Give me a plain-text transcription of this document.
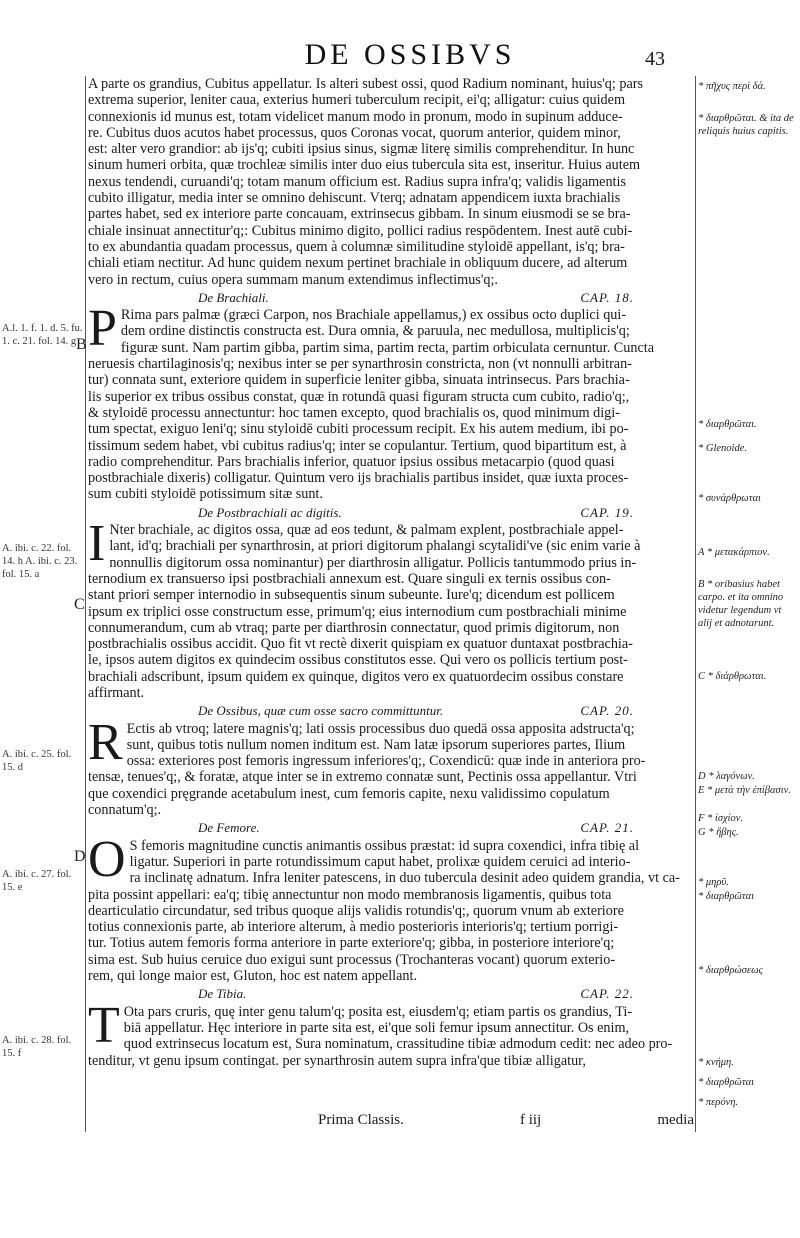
DE OSSIBVS	43

A parte os grandius, Cubitus appellatur. Is alteri subest ossi, quod Radium nominant, huius'q; pars

extrema superior, leniter caua, exterius humeri tuberculum recipit, ei'q; alligatur: cuius quidem

connexionis id munus est, totam videlicet manum modo in pronum, modo in supinum adduce-

re. Cubitus duos acutos habet processus, quos Coronas vocat, quorum anterior, quidem minor,

est: alter vero grandior: ab ijs'q; cubiti ipsius sinus, sigmæ literę similis comprehenditur. In hunc

sinum humeri orbita, quæ trochleæ similis inter duo eius tubercula sita est, inseritur. Huius autem

nexus tendendi, curuandi'q; totam manum officium est. Radius supra infra'q; validis ligamentis

cubito illigatur, media inter se omnino dehiscunt. Vterq; adnatam appendicem iuxta brachialis

partes habet, sed ex interiore parte concauam, extrinsecus gibbam. In sinum eiusmodi se se bra-

chiale insinuat annectitur'q;: Cubitus minimo digito, pollici radius respōdentem. Inest autē cubi-

to ex abundantia quadam processus, quem à columnæ similitudine styloidē appellant, is'q; bra-

chiali etiam nectitur. Ad hunc quidem nexum pertinet brachiale in obliquum ducere, ad alterum

vero in rectum, cuius opera summam manum extendimus inflectimus'q;.

De Brachiali.	CAP. 18.
P Rima pars palmæ (græci Carpon, nos Brachiale appellamus,) ex ossibus octo duplici qui-

dem ordine distinctis constructa est. Dura omnia, & paruula, nec medullosa, multiplicis'q;

figuræ sunt. Nam partim gibba, partim sima, partim recta, partim orbiculata cernuntur. Cuncta

neruesis chartilaginosis'q; nexibus inter se per synarthrosin constricta, non (vt nonnulli arbitran-

tur) connata sunt, exteriore quidem in superficie leniter gibba, sinuata intrinsecus. Pars brachia-

lis superior ex tribus ossibus constat, quæ in rotundā quasi figuram structa cum cubito, radio'q;,

& styloidē processu annectuntur: hoc tamen excepto, quod brachialis os, quod minimum digi-

tum spectat, exiguo leni'q; sinu styloidē cubiti processum recipit. Ex his autem medium, ibi po-

tissimum sedem habet, vbi cubitus radius'q; inter se copulantur. Tertium, quod bipartitum est, à

radio comprehenditur. Pars brachialis inferior, quatuor ipsius ossibus metacarpio (quod quasi

postbrachiale dixeris) colligatur. Quintum vero ijs brachialis partibus insidet, quæ iuxta proces-

sum cubiti styloidē potissimum sitæ sunt.

De Postbrachiali ac digitis.	CAP. 19.
I Nter brachiale, ac digitos ossa, quæ ad eos tedunt, & palmam explent, postbrachiale appel-

lant, id'q; brachiali per synarthrosin, at priori digitorum phalangi scytalidi've (sic enim varie à

nonnullis digitorum ossa nominantur) per diarthrosin alligatur. Pollicis tantummodo prius in-

ternodium ex transuerso ipsi postbrachiali annexum est. Quare singuli ex ternis ossibus con-

stant priori semper internodio in subsequentis sinum subeunte. Iure'q; dicendum est pollicem

ipsum ex triplici osse constructum esse, primum'q; eius internodium cum postbrachiali minime

connumerandum, cum ab vtraq; parte per diarthrosin connectatur, quod primis digitorum, non

postbrachialis ossibus accidit. Quo fit vt rectè dixerit quispiam ex quatuor duntaxat postbrachia-

le, ipsos autem digitos ex quindecim ossibus constitutos esse. Qui vero os pollicis tertium post-

brachiali adscribunt, ipsum quidem ex quinque, digitos vero ex quatuordecim ossibus constare

affirmant.

De Ossibus, quæ cum osse sacro committuntur.	CAP. 20.
R Ectis ab vtroq; latere magnis'q; lati ossis processibus duo quedā ossa apposita adstructa'q;

sunt, quibus totis nullum nomen inditum est. Nam latæ ipsorum superiores partes, Ilium

ossa: exteriores post femoris ingressum inferiores'q;, Coxendicū: quæ inde in anteriora pro-

tensæ, tenues'q;, & foratæ, atque inter se in extremo connatæ sunt, Pectinis ossa appellantur. Vtri

que coxendici pręgrande acetabulum inest, cum femoris capite, nexu validissimo copulatum

connatum'q;.

De Femore.	CAP. 21.
O S femoris magnitudine cunctis animantis ossibus præstat: id supra coxendici, infra tibię al

ligatur. Superiori in parte rotundissimum caput habet, prolixæ quidem ceruici ad interio-

ra inclinatę adnatum. Infra leniter patescens, in duo tubercula desinit adeo quidem grandia, vt ca-

pita possint appellari: ea'q; tibię annectuntur non modo membranosis ligamentis, quibus tota

dearticulatio circundatur, sed tribus quoque alijs validis rotundis'q;, quorum vnum ab exteriore

totius connexionis parte, ab interiore alterum, à medio posterioris interioris'q; tertium porrigi-

tur. Totius autem femoris forma anteriore in parte exteriore'q; gibba, in posteriore interiore'q;

sima est. Sub huius ceruice duo exigui sunt processus (Trochanteras vocant) quorum exterio-

rem, qui longe maior est, Gluton, hoc est natem appellant.

De Tibia.	CAP. 22.
T Ota pars cruris, quę inter genu talum'q; posita est, eiusdem'q; etiam partis os grandius, Ti-

biā appellatur. Hęc interiore in parte sita est, ei'que soli femur ipsum annectitur. Os enim,

quod extrinsecus locatum est, Sura nominatum, crassitudine tibiæ admodum cedit: nec adeo pro-

tenditur, vt genu ipsum contingat. per synarthrosin autem supra infra'que tibiæ alligatur,

A.l. 1. f. 1. d. 5. fu. 1. c. 21. fol. 14. g B
A. ibi. c. 22. fol. 14. h A. ibi. c. 23. fol. 15. a
C
A. ibi. c. 25. fol. 15. d
A. ibi. c. 27. fol. 15. e
D
A. ibi. c. 28. fol. 15. f
* πῆχυς περὶ δά.
* διαρθρῶται. & ita de reliquis huius capitis.
* διαρθρῶται.
* Glenoide.
* συνάρθρωται
A * μετακάρπιον.
B * oribasius habet carpo. et ita omnino videtur legendum vt alij et adnotarunt.
C * διάρθρωται.
D * λαγόνων.
E * μετὰ τὴν ἐπίβασιν.
F * ἰσχίον.
G * ἥβης.
* μηρῦ.
* διαρθρῶται
* διαρθρώσεως
* κνήμη.
* διαρθρῶται
* περόνη.
Prima Classis.	f iij	media
